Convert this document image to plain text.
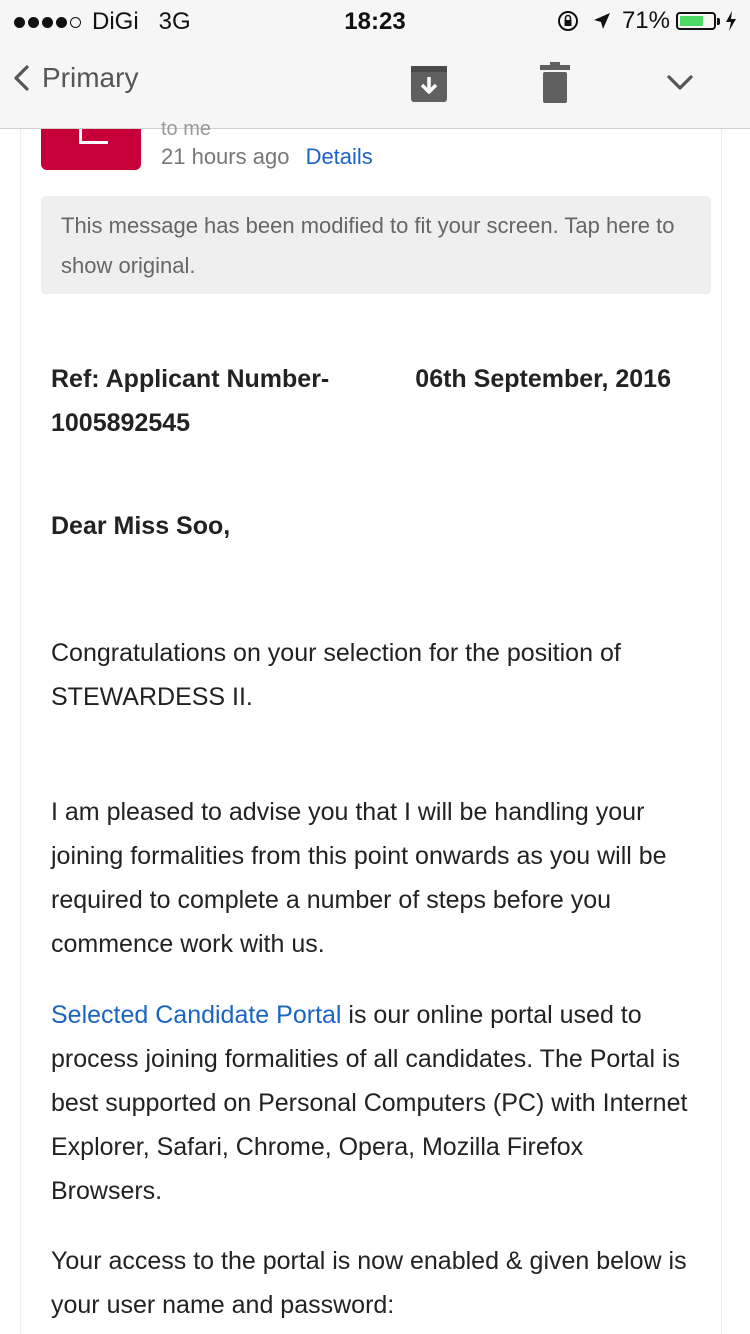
DiGi 3G	18:23	71%
Primary
to me
21 hours ago Details
This message has been modified to fit your screen. Tap here to show original.
Ref: Applicant Number-1005892545
06th September, 2016
Dear Miss Soo,
Congratulations on your selection for the position of STEWARDESS II.
I am pleased to advise you that I will be handling your joining formalities from this point onwards as you will be required to complete a number of steps before you commence work with us.
Selected Candidate Portal is our online portal used to process joining formalities of all candidates. The Portal is best supported on Personal Computers (PC) with Internet Explorer, Safari, Chrome, Opera, Mozilla Firefox Browsers.
Your access to the portal is now enabled & given below is your user name and password:
